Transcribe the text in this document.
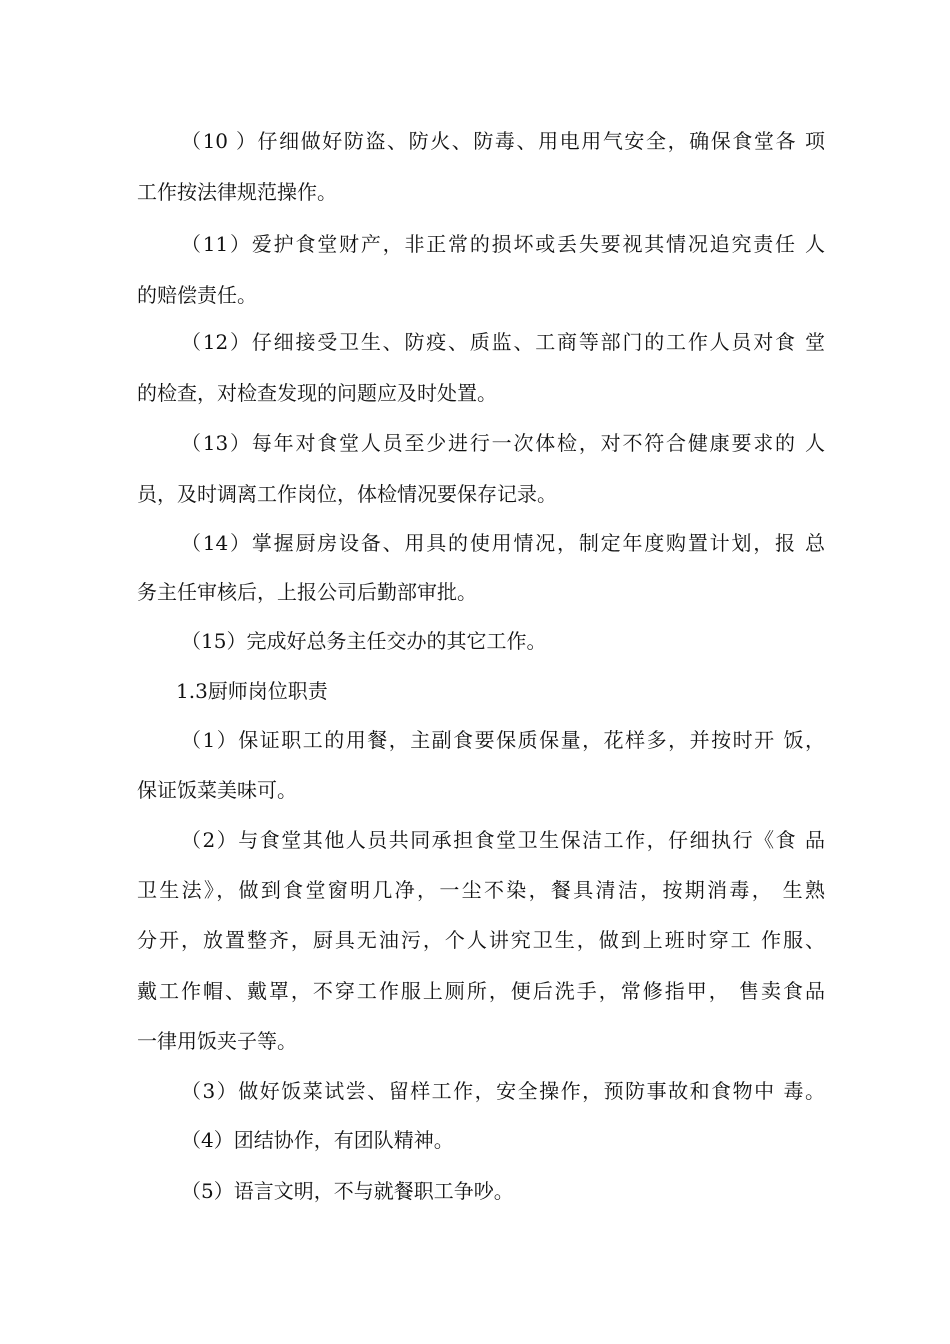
（10 ）仔细做好防盗、防火、防毒、用电用气安全，确保食堂各 项
工作按法律规范操作。
（11）爱护食堂财产，非正常的损坏或丢失要视其情况追究责任 人
的赔偿责任。
（12）仔细接受卫生、防疫、质监、工商等部门的工作人员对食 堂
的检查，对检查发现的问题应及时处置。
（13）每年对食堂人员至少进行一次体检，对不符合健康要求的 人
员，及时调离工作岗位，体检情况要保存记录。
（14）掌握厨房设备、用具的使用情况，制定年度购置计划，报 总
务主任审核后，上报公司后勤部审批。
（15）完成好总务主任交办的其它工作。
1.3厨师岗位职责
（1）保证职工的用餐，主副食要保质保量，花样多，并按时开 饭，
保证饭菜美味可。
（2）与食堂其他人员共同承担食堂卫生保洁工作，仔细执行《食 品
卫生法》，做到食堂窗明几净，一尘不染，餐具清洁，按期消毒， 生熟
分开，放置整齐，厨具无油污，个人讲究卫生，做到上班时穿工 作服、
戴工作帽、戴罩，不穿工作服上厕所，便后洗手，常修指甲， 售卖食品
一律用饭夹子等。
（3）做好饭菜试尝、留样工作，安全操作，预防事故和食物中 毒。
（4）团结协作，有团队精神。
（5）语言文明，不与就餐职工争吵。
